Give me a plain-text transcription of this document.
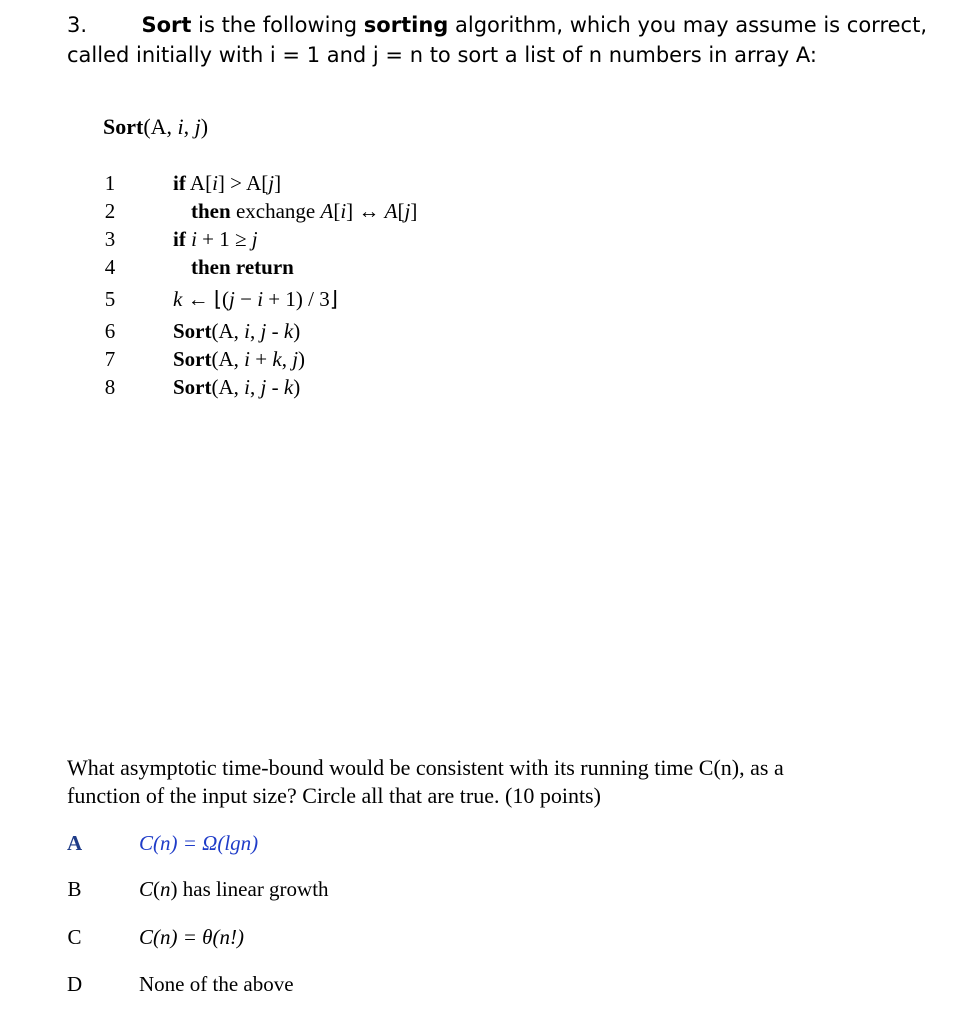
3.	Sort is the following sorting algorithm, which you may assume is correct,
called initially with i = 1 and j = n to sort a list of n numbers in array A:
Sort(A, i, j)
1	if A[i] > A[j]
2	then exchange A[i] ↔ A[j]
3	if i + 1 ≥ j
4	then return
5	k ← ⌊(j − i + 1) / 3⌋
6	Sort(A, i, j - k)
7	Sort(A, i + k, j)
8	Sort(A, i, j - k)
What asymptotic time-bound would be consistent with its running time C(n), as a
function of the input size? Circle all that are true. (10 points)
A	C(n) = Ω(lgn)
B	C(n) has linear growth
C	C(n) = θ(n!)
D	None of the above
